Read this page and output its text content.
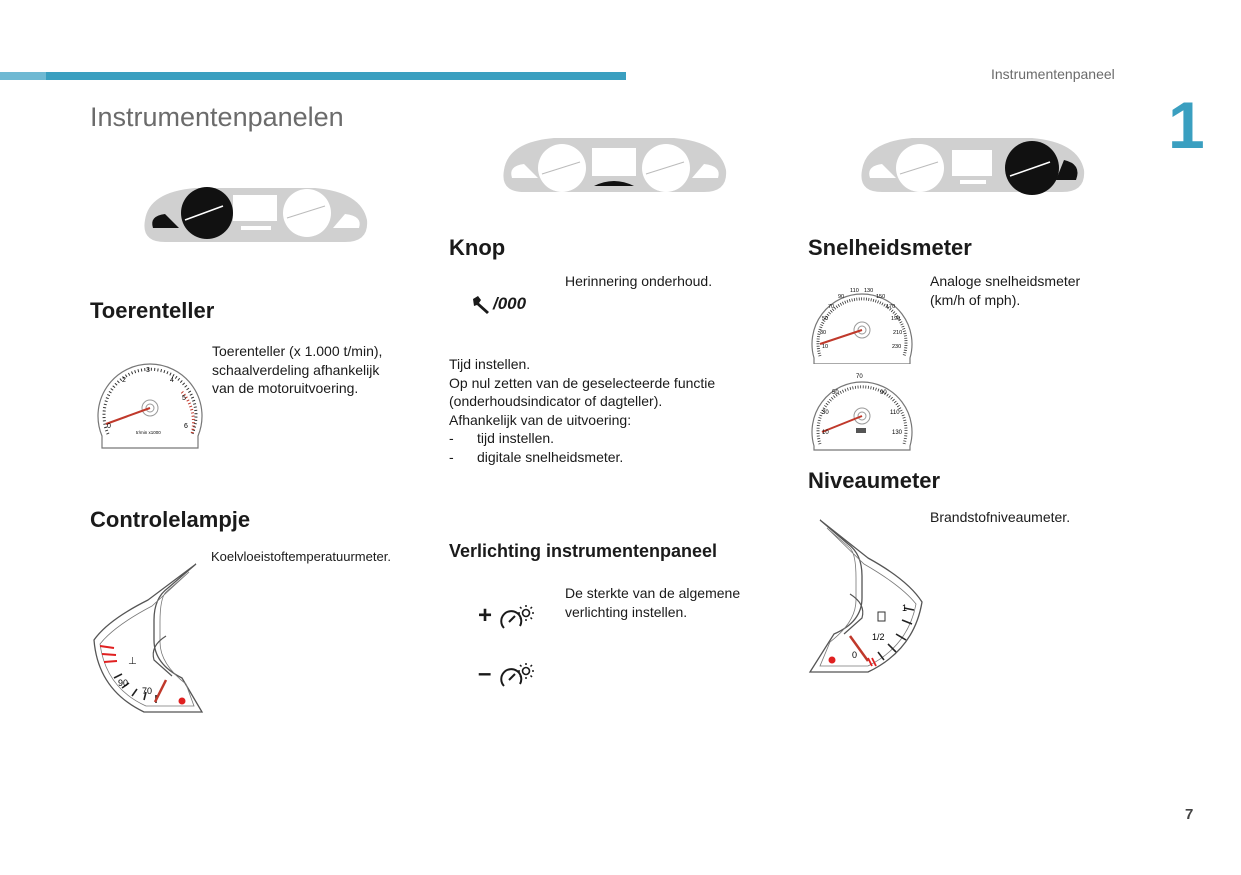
Instrumentenpaneel
1
Instrumentenpanelen
Toerenteller
0
2
3
4
5
6
tr/min x1000
Toerenteller (x 1.000 t/min),
schaalverdeling afhankelijk
van de motoruitvoering.
Controlelampje
Koelvloeistoftemperatuurmeter.
⊥
90
70
Knop
/000
Herinnering onderhoud.
Tijd instellen.
Op nul zetten van de geselecteerde functie
(onderhoudsindicator of dagteller).
Afhankelijk van de uitvoering:
- tijd instellen.
- digitale snelheidsmeter.
Verlichting instrumentenpaneel
De sterkte van de algemene
verlichting instellen.
+
–
Snelheidsmeter
Analoge snelheidsmeter
(km/h of mph).
10
30
50
70
90
110 130
150
170
190
210
230
10
30
50
70
90
110
130
Niveaumeter
Brandstofniveaumeter.
1
1/2
0
7
